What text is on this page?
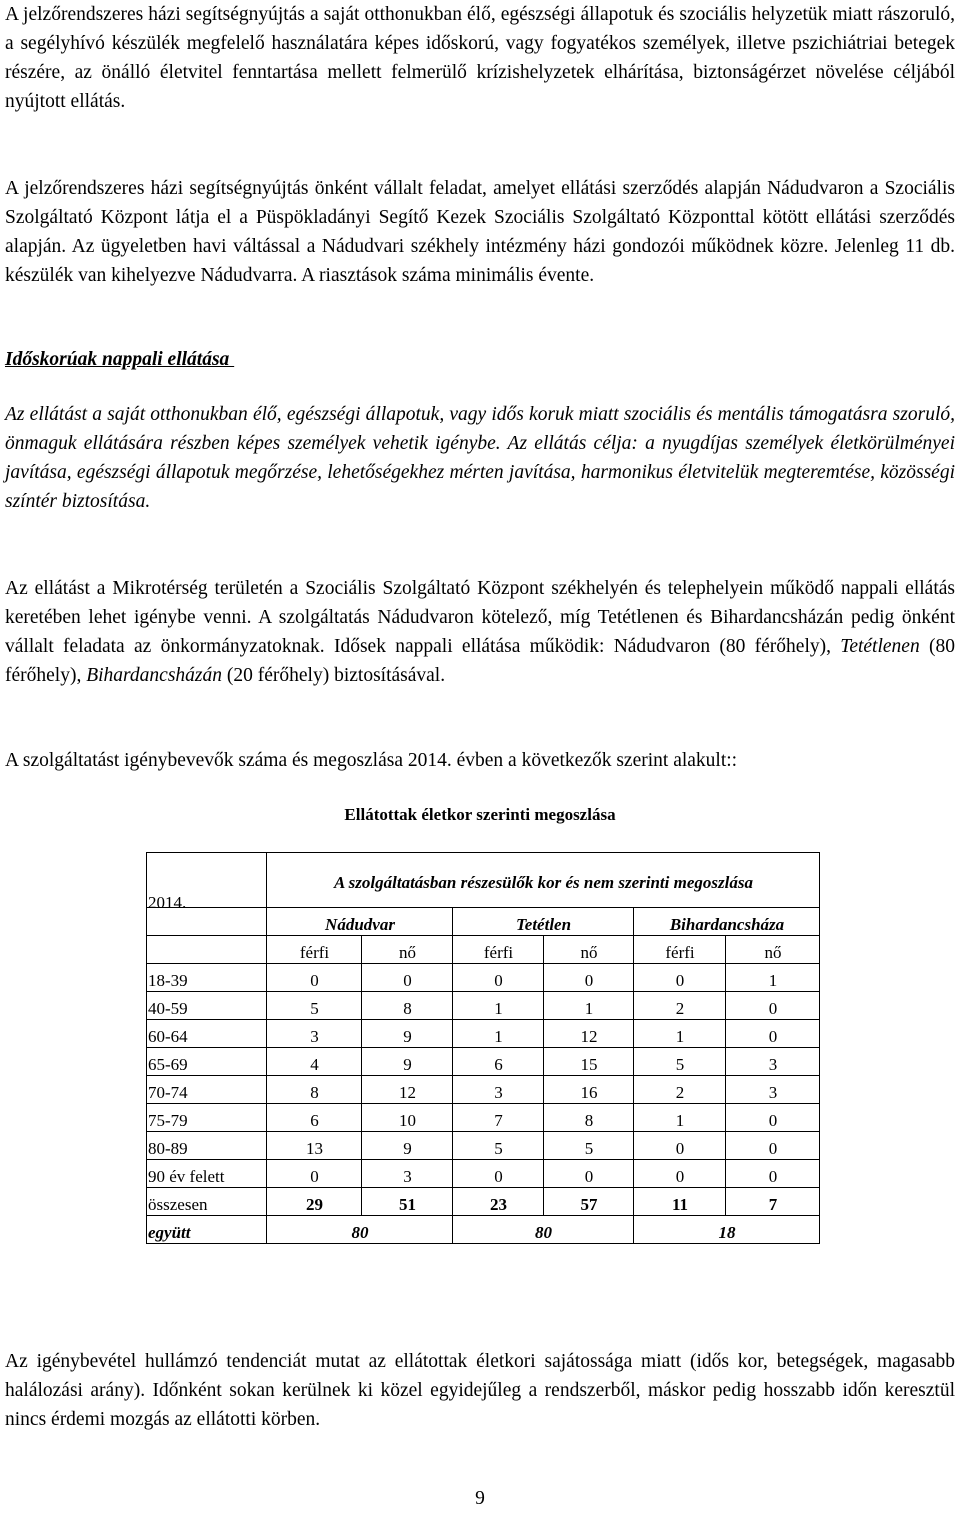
A jelzőrendszeres házi segítségnyújtás a saját otthonukban élő, egészségi állapotuk és szociális helyzetük miatt rászoruló, a segélyhívó készülék megfelelő használatára képes időskorú, vagy fogyatékos személyek, illetve pszichiátriai betegek részére, az önálló életvitel fenntartása mellett felmerülő krízishelyzetek elhárítása, biztonságérzet növelése céljából nyújtott ellátás.

A jelzőrendszeres házi segítségnyújtás önként vállalt feladat, amelyet ellátási szerződés alapján Nádudvaron a Szociális Szolgáltató Központ látja el a Püspökladányi Segítő Kezek Szociális Szolgáltató Központtal kötött ellátási szerződés alapján. Az ügyeletben havi váltással a Nádudvari székhely intézmény házi gondozói működnek közre. Jelenleg 11 db. készülék van kihelyezve Nádudvarra. A riasztások száma minimális évente.

Időskorúak nappali ellátása

Az ellátást a saját otthonukban élő, egészségi állapotuk, vagy idős koruk miatt szociális és mentális támogatásra szoruló, önmaguk ellátására részben képes személyek vehetik igénybe. Az ellátás célja: a nyugdíjas személyek életkörülményei javítása, egészségi állapotuk megőrzése, lehetőségekhez mérten javítása, harmonikus életvitelük megteremtése, közösségi színtér biztosítása.

Az ellátást a Mikrotérség területén a Szociális Szolgáltató Központ székhelyén és telephelyein működő nappali ellátás keretében lehet igénybe venni. A szolgáltatás Nádudvaron kötelező, míg Tetétlenen és Bihardancsházán pedig önként vállalt feladata az önkormányzatoknak. Idősek nappali ellátása működik: Nádudvaron (80 férőhely), Tetétlenen (80 férőhely), Bihardancsházán (20 férőhely) biztosításával.

A szolgáltatást igénybevevők száma és megoszlása 2014. évben a következők szerint alakult::

Ellátottak életkor szerinti megoszlása
2014.	A szolgáltatásban részesülők kor és nem szerinti megoszlása					

	Nádudvar		Tetétlen		Bihardancsháza	
	férfi	nő	férfi	nő	férfi	nő
18-39	0	0	0	0	0	1
40-59	5	8	1	1	2	0
60-64	3	9	1	12	1	0
65-69	4	9	6	15	5	3
70-74	8	12	3	16	2	3
75-79	6	10	7	8	1	0
80-89	13	9	5	5	0	0
90 év felett	0	3	0	0	0	0
összesen	29	51	23	57	11	7
együtt	80		80		18	

Az igénybevétel hullámzó tendenciát mutat az ellátottak életkori sajátossága miatt (idős kor, betegségek, magasabb halálozási arány). Időnként sokan kerülnek ki közel egyidejűleg a rendszerből, máskor pedig hosszabb időn keresztül nincs érdemi mozgás az ellátotti körben.

9
